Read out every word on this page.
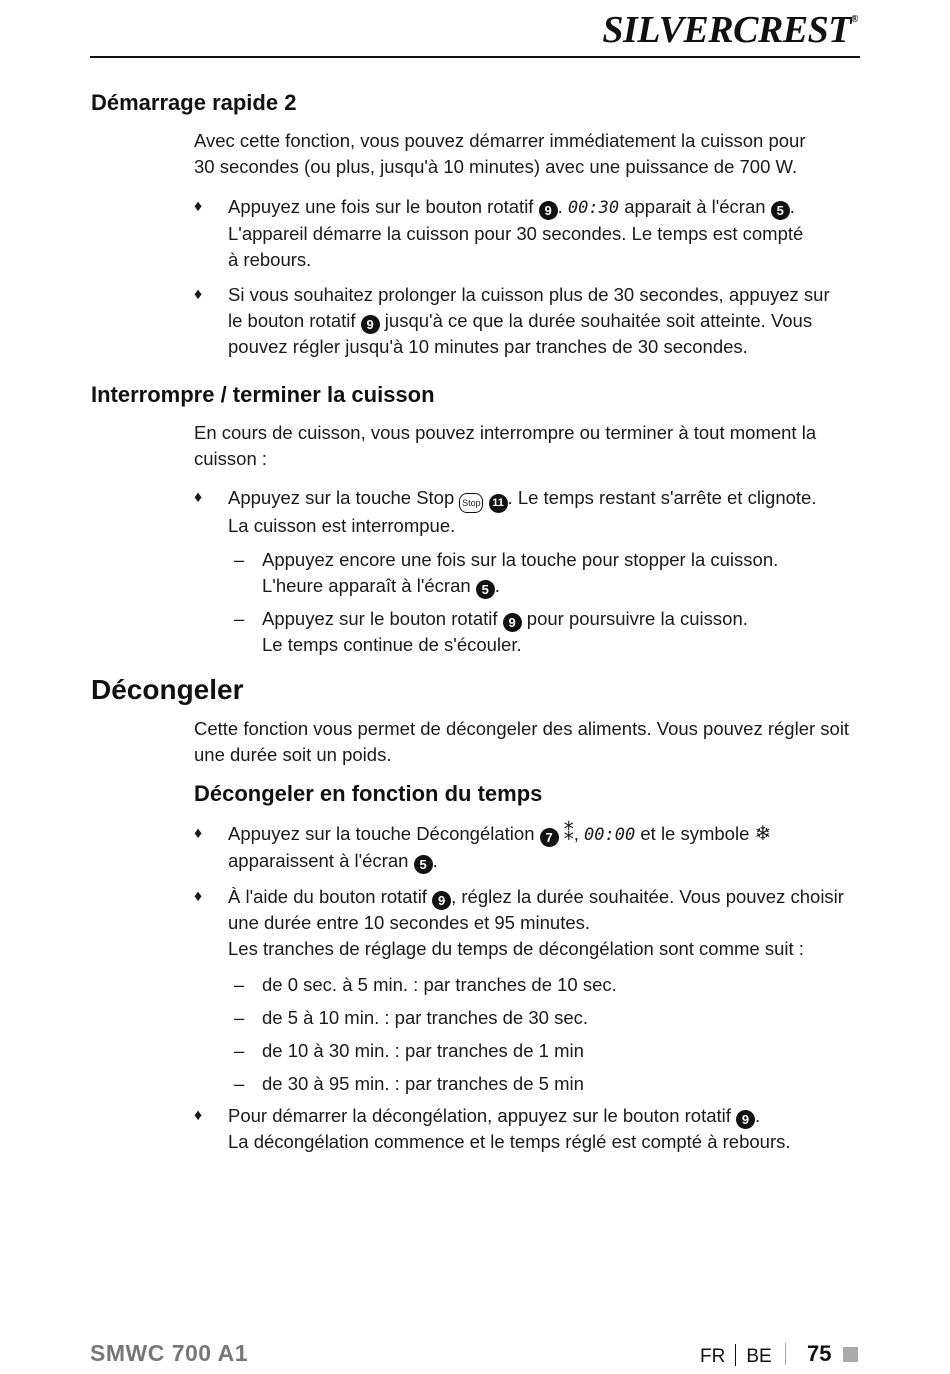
SILVERCREST®
Démarrage rapide 2

Avec cette fonction, vous pouvez démarrer immédiatement la cuisson pour
30 secondes (ou plus, jusqu'à 10 minutes) avec une puissance de 700 W.

♦ Appuyez une fois sur le bouton rotatif 9 . 00:30 apparait à l'écran 5 .
L'appareil démarre la cuisson pour 30 secondes. Le temps est compté
à rebours.
♦ Si vous souhaitez prolonger la cuisson plus de 30 secondes, appuyez sur
le bouton rotatif 9 jusqu'à ce que la durée souhaitée soit atteinte. Vous
pouvez régler jusqu'à 10 minutes par tranches de 30 secondes.
Interrompre / terminer la cuisson

En cours de cuisson, vous pouvez interrompre ou terminer à tout moment la
cuisson :

♦ Appuyez sur la touche Stop Stop 11 . Le temps restant s'arrête et clignote.
La cuisson est interrompue.
– Appuyez encore une fois sur la touche pour stopper la cuisson.
L'heure apparaît à l'écran 5 .
– Appuyez sur le bouton rotatif 9 pour poursuivre la cuisson.
Le temps continue de s'écouler.
Décongeler

Cette fonction vous permet de décongeler des aliments. Vous pouvez régler soit
une durée soit un poids.

Décongeler en fonction du temps
♦ Appuyez sur la touche Décongélation 7 ⁑, 00:00 et le symbole ❄
apparaissent à l'écran 5 .
♦ À l'aide du bouton rotatif 9 , réglez la durée souhaitée. Vous pouvez choisir
une durée entre 10 secondes et 95 minutes.
Les tranches de réglage du temps de décongélation sont comme suit :
– de 0 sec. à 5 min. : par tranches de 10 sec.
– de 5 à 10 min. : par tranches de 30 sec.
– de 10 à 30 min. : par tranches de 1 min
– de 30 à 95 min. : par tranches de 5 min
♦ Pour démarrer la décongélation, appuyez sur le bouton rotatif 9 .
La décongélation commence et le temps réglé est compté à rebours.
SMWC 700 A1	FR BE 75
